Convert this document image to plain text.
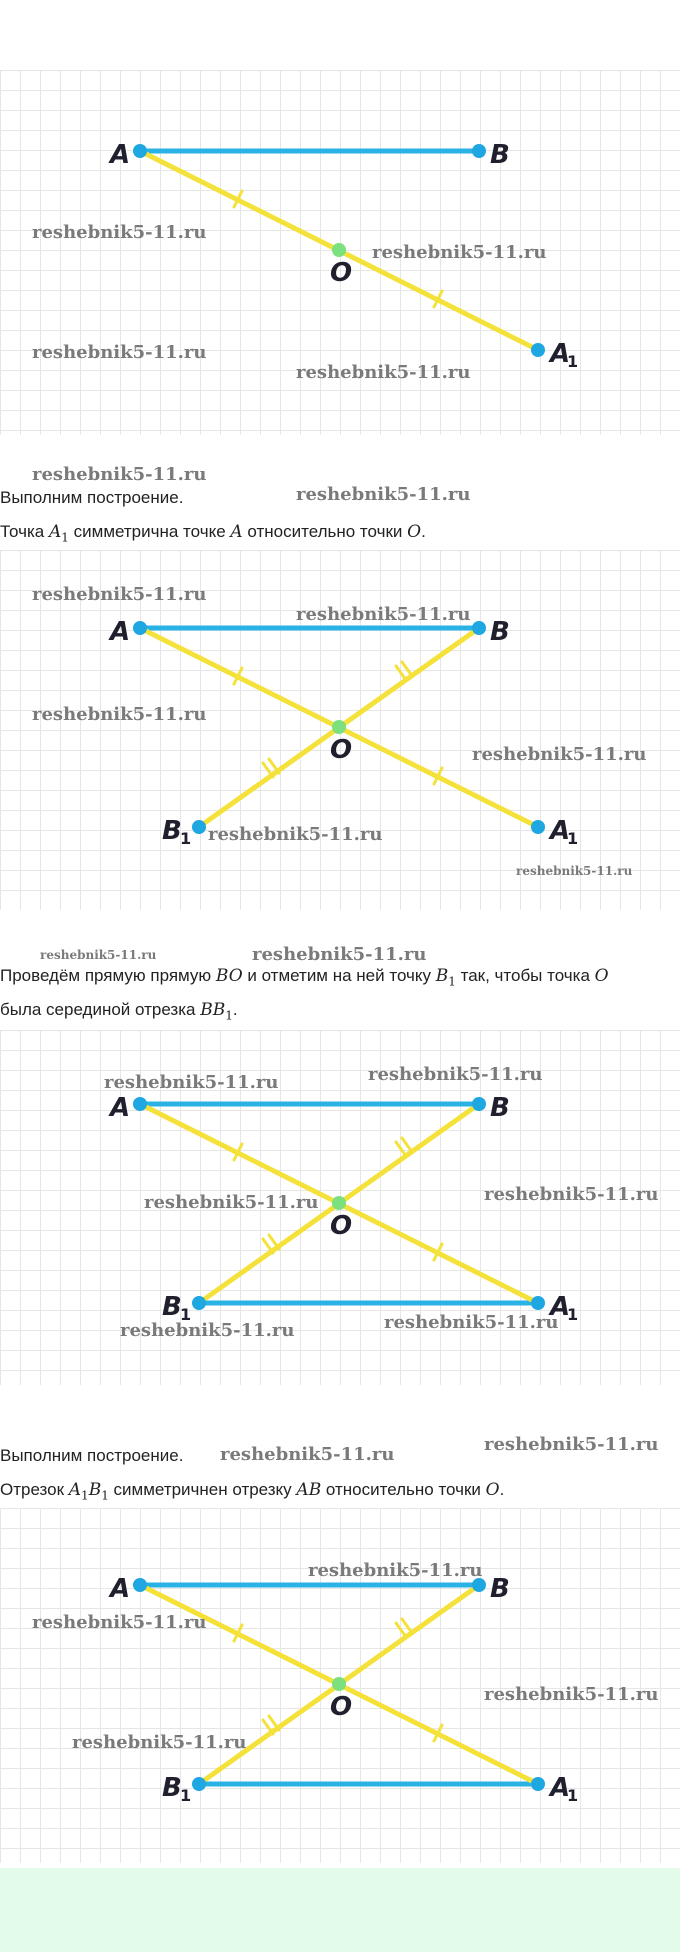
A	B
O
A
1
A	B
O
A
1
B
1
A	B
O
A
1
B
1
A	B
O
A
1
B
1
Выполним построение.
Точка $A_1$ симметрична точке A относительно точки O.
Проведём прямую прямую BO и отметим на ней точку $B_1$ так, чтобы точка O
была серединой отрезка $BB_1$.
Выполним построение.
Отрезок $A_1B_1$ симметричнен отрезку AB относительно точки O.
reshebnik5-11.ru
reshebnik5-11.ru
reshebnik5-11.ru
reshebnik5-11.ru
reshebnik5-11.ru
reshebnik5-11.ru
reshebnik5-11.ru
reshebnik5-11.ru
reshebnik5-11.ru
reshebnik5-11.ru
reshebnik5-11.ru
reshebnik5-11.ru
reshebnik5-11.ru	reshebnik5-11.ru
reshebnik5-11.ru	reshebnik5-11.ru
reshebnik5-11.ru	reshebnik5-11.ru
reshebnik5-11.ru	reshebnik5-11.ru
reshebnik5-11.ru	reshebnik5-11.ru
reshebnik5-11.ru
reshebnik5-11.ru
reshebnik5-11.ru
reshebnik5-11.ru
